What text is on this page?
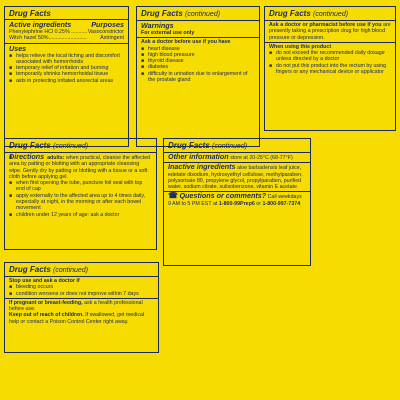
Drug Facts
Active ingredients	Purposes
Phenylephrine HCl 0.25% ........... Vasoconstrictor
Witch hazel 50%..........................	Astringent
Uses
■ helps relieve the local itching and discomfort associated with hemorrhoids
■ temporary relief of irritation and burning
■ temporarily shrinks hemorrhoidal tissue
■ aids in protecting irritated anorectal areas
Drug Facts (continued)
Warnings
For external use only
Ask a doctor before use if you have
■ heart disease
■ high blood pressure
■ thyroid disease
■ diabetes
■ difficulty in urination due to enlargement of the prostate gland
Drug Facts (continued)

Ask a doctor or pharmacist before use if you are presently taking a prescription drug for high blood pressure or depression.

When using this product
■ do not exceed the recommended daily dosage unless directed by a doctor
■ do not put this product into the rectum by using fingers or any mechanical device or applicator
Drug Facts (continued)
■ Directions adults: when practical, cleanse the affected area by patting or blotting with an appropriate cleansing wipe. Gently dry by patting or blotting with a tissue or a soft cloth before applying gel.
■ when first opening the tube, puncture foil seal with top end of cap
■ apply externally to the affected area up to 4 times daily, especially at night, in the morning or after each bowel movement
■ children under 12 years of age: ask a doctor
Drug Facts (continued)

Other information store at 20-25°C (68-77°F)

Inactive ingredients aloe barbadensis leaf juice, edetate disodium, hydroxyethyl cellulose, methylparaben, polysorbate 80, propylene glycol, propylparaben, purified water, sodium citrate, sulisobenzone, vitamin E acetate

☎ Questions or comments? Call weekdays 9 AM to 5 PM EST at 1-800-99Prep6 or 1-800-997-7374

Drug Facts (continued)
Stop use and ask a doctor if
■ bleeding occurs
■ condition worsens or does not improve within 7 days

If pregnant or breast-feeding, ask a health professional before use.

Keep out of reach of children. If swallowed, get medical help or contact a Poison Control Center right away.
